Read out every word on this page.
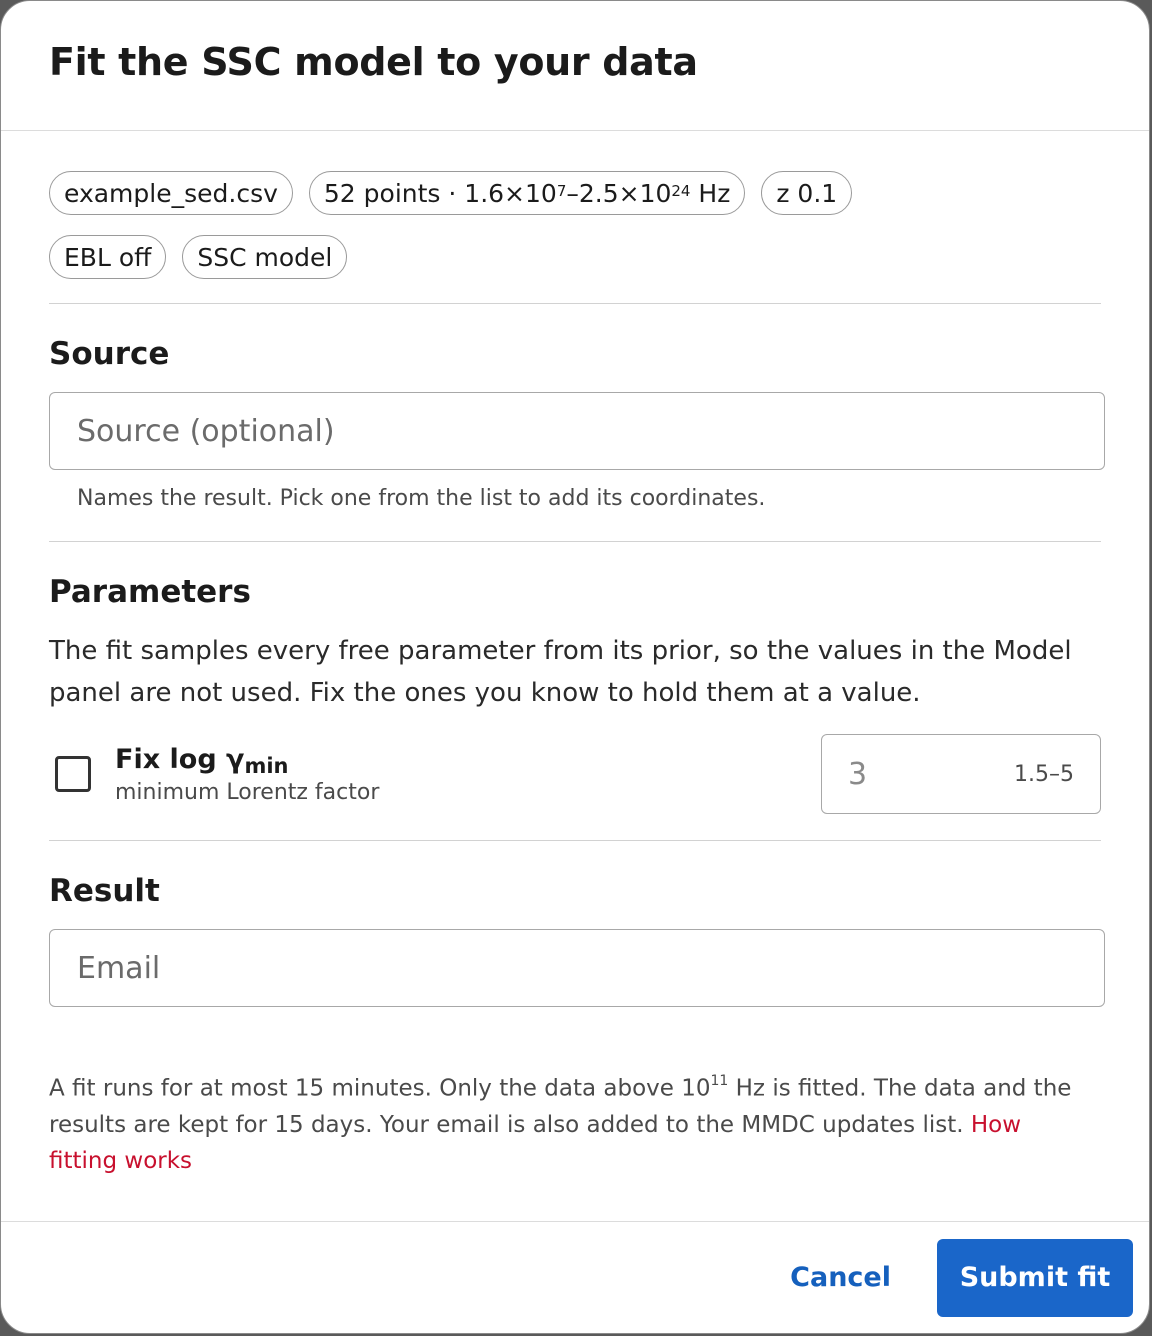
Fit the SSC model to your data
example_sed.csv	52 points · $1.6\times 10^7$ $-2.5\times 10^{24}$ Hz	z 0.1
EBL off	SSC model
Source
Source (optional)
Names the result. Pick one from the list to add its coordinates.
Parameters

The fit samples every free parameter from its prior, so the values in the Model panel are not used. Fix the ones you know to hold them at a value.

Fix $\log \gamma_{min}$
minimum Lorentz factor
3
1.5–5
Result
Email

A fit runs for at most 15 minutes. Only the data above $10^{11}$ Hz is fitted. The data and the results are kept for 15 days. Your email is also added to the MMDC updates list. How fitting works

Cancel	Submit fit
